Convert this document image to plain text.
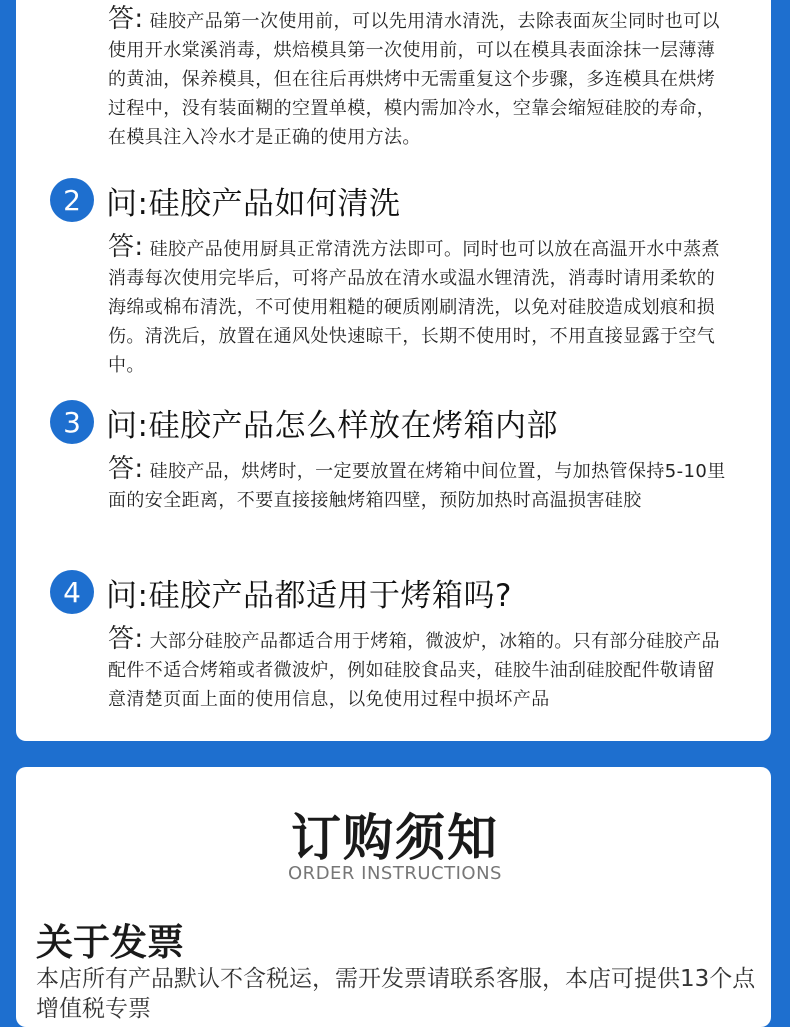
答: 硅胶产品第一次使用前，可以先用清水清洗，去除表面灰尘同时也可以使用开水棠溪消毒，烘焙模具第一次使用前，可以在模具表面涂抹一层薄薄的黄油，保养模具，但在往后再烘烤中无需重复这个步骤，多连模具在烘烤过程中，没有装面糊的空置单模，模内需加冷水，空靠会缩短硅胶的寿命，在模具注入冷水才是正确的使用方法。
2 问:硅胶产品如何清洗
答: 硅胶产品使用厨具正常清洗方法即可。同时也可以放在高温开水中蒸煮消毒每次使用完毕后，可将产品放在清水或温水锂清洗，消毒时请用柔软的海绵或棉布清洗，不可使用粗糙的硬质刚刷清洗，以免对硅胶造成划痕和损伤。清洗后，放置在通风处快速晾干，长期不使用时，不用直接显露于空气中。
3 问:硅胶产品怎么样放在烤箱内部
答: 硅胶产品，烘烤时，一定要放置在烤箱中间位置，与加热管保持5-10里面的安全距离，不要直接接触烤箱四壁，预防加热时高温损害硅胶
4 问:硅胶产品都适用于烤箱吗?
答: 大部分硅胶产品都适合用于烤箱，微波炉，冰箱的。只有部分硅胶产品配件不适合烤箱或者微波炉，例如硅胶食品夹，硅胶牛油刮硅胶配件敬请留意清楚页面上面的使用信息，以免使用过程中损坏产品
订购须知
ORDER INSTRUCTIONS
关于发票
本店所有产品默认不含税运，需开发票请联系客服，本店可提供13个点增值税专票
